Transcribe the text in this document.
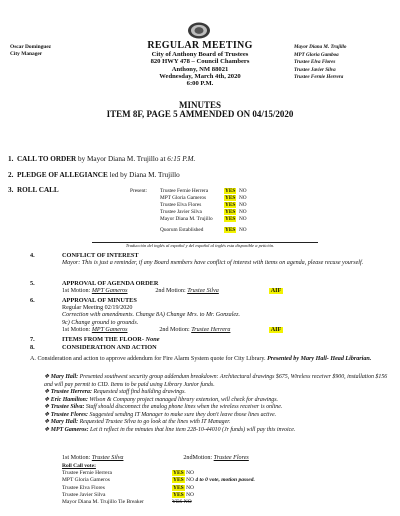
Oscar Dominguez
City Manager
Mayor Diana M. Trujillo
MPT Gloria Gamboa
Trustee Elva Flores
Trustee Javier Silva
Trustee Fernie Herrera
REGULAR MEETING
City of Anthony Board of Trustees
820 HWY 478 – Council Chambers
Anthony, NM 88021
Wednesday, March 4th, 2020
6:00 P.M.
MINUTES
ITEM 8F, PAGE 5 AMMENDED ON 04/15/2020
1. CALL TO ORDER by Mayor Diana M. Trujillo at 6:15 P.M.
2. PLEDGE OF ALLEGIANCE led by Diana M. Trujillo
3. ROLL CALL	Present: Trustee Fernie Herrera	YES NO
MPT Gloria Gameros	YES NO
Trustee Elva Flores	YES NO
Trustee Javier Silva	YES NO
Mayor Diana M. Trujillo YES NO
Quorum Established	YES NO
Traducción del inglés al español y del español al inglés esta disponible a petición.
4.	CONFLICT OF INTEREST
Mayor: This is just a reminder, if any Board members have conflict of interest with items on agenda, please recuse yourself.
5.	APPROVAL OF AGENDA ORDER
1st Motion: MPT Gameros	2nd Motion: Trustee Silva	AIF
6.	APPROVAL OF MINUTES
Regular Meeting 02/19/2020
Correction with amendments. Change 8A) Change Mrs. to Mr. Gonzalez.
9c) Change ground to grounds.
1st Motion: MPT Gameros	2nd Motion: Trustee Herrera	AIF
7.	ITEMS FROM THE FLOOR- None
8.	CONSIDERATION AND ACTION
A. Consideration and action to approve addendum for Fire Alarm System quote for City Library. Presented by Mary Hall- Head Librarian.
❖ Mary Hall: Presented southwest security group addendum breakdown: Architectural drawings $675, Wireless receiver $900, installation $156 and will pay permit to CID. Items to be paid using Library Junior funds.
❖ Trustee Herrera: Requested staff find building drawings.
❖ Eric Hamilton: Wilson & Company project managed library extension, will check for drawings.
❖ Trustee Silva: Staff should disconnect the analog phone lines when the wireless receiver is online.
❖ Trustee Flores: Suggested sending IT Manager to make sure they don't leave those lines active.
❖ Mary Hall: Requested Trustee Silva to go look at the lines with IT Manager.
❖ MPT Gameros: Let it reflect in the minutes that line item 228-10-44010 (Jr funds) will pay this invoice.
1st Motion: Trustee Silva	2ndMotion: Trustee Flores
Roll Call vote:
Trustee Fernie Herrera	YES NO
MPT Gloria Gameros	YES NO 4 to 0 vote, motion passed.
Trustee Elva Flores	YES NO
Trustee Javier Silva	YES NO
Mayor Diana M. Trujillo Tie Breaker	YES NO
